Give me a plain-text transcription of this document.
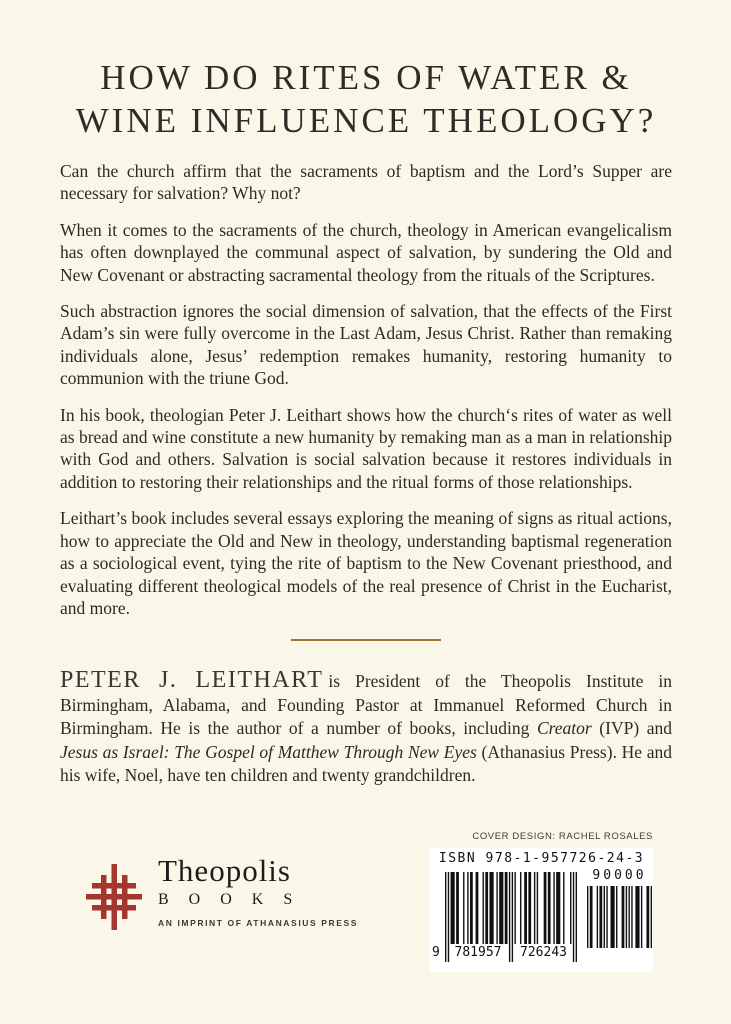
HOW DO RITES OF WATER &
WINE INFLUENCE THEOLOGY?

Can the church affirm that the sacraments of baptism and the Lord’s Supper are necessary for salvation? Why not?

When it comes to the sacraments of the church, theology in American evangelicalism has often downplayed the communal aspect of salvation, by sundering the Old and New Covenant or abstracting sacramental theology from the rituals of the Scriptures.

Such abstraction ignores the social dimension of salvation, that the effects of the First Adam’s sin were fully overcome in the Last Adam, Jesus Christ. Rather than remaking individuals alone, Jesus’ redemption remakes humanity, restoring humanity to communion with the triune God.

In his book, theologian Peter J. Leithart shows how the church‘s rites of water as well as bread and wine constitute a new humanity by remaking man as a man in relationship with God and others. Salvation is social salvation because it restores individuals in addition to restoring their relationships and the ritual forms of those relationships.

Leithart’s book includes several essays exploring the meaning of signs as ritual actions, how to appreciate the Old and New in theology, understanding baptismal regeneration as a sociological event, tying the rite of baptism to the New Covenant priesthood, and evaluating different theological models of the real presence of Christ in the Eucharist, and more.

PETER J. LEITHART is President of the Theopolis Institute in Birmingham, Alabama, and Founding Pastor at Immanuel Reformed Church in Birmingham. He is the author of a number of books, including Creator (IVP) and Jesus as Israel: The Gospel of Matthew Through New Eyes (Athanasius Press). He and his wife, Noel, have ten children and twenty grandchildren.

Theopolis
B O O K S
AN IMPRINT OF ATHANASIUS PRESS
COVER DESIGN: RACHEL ROSALES
ISBN 978-1-957726-24-3
9	781957	726243
90000
